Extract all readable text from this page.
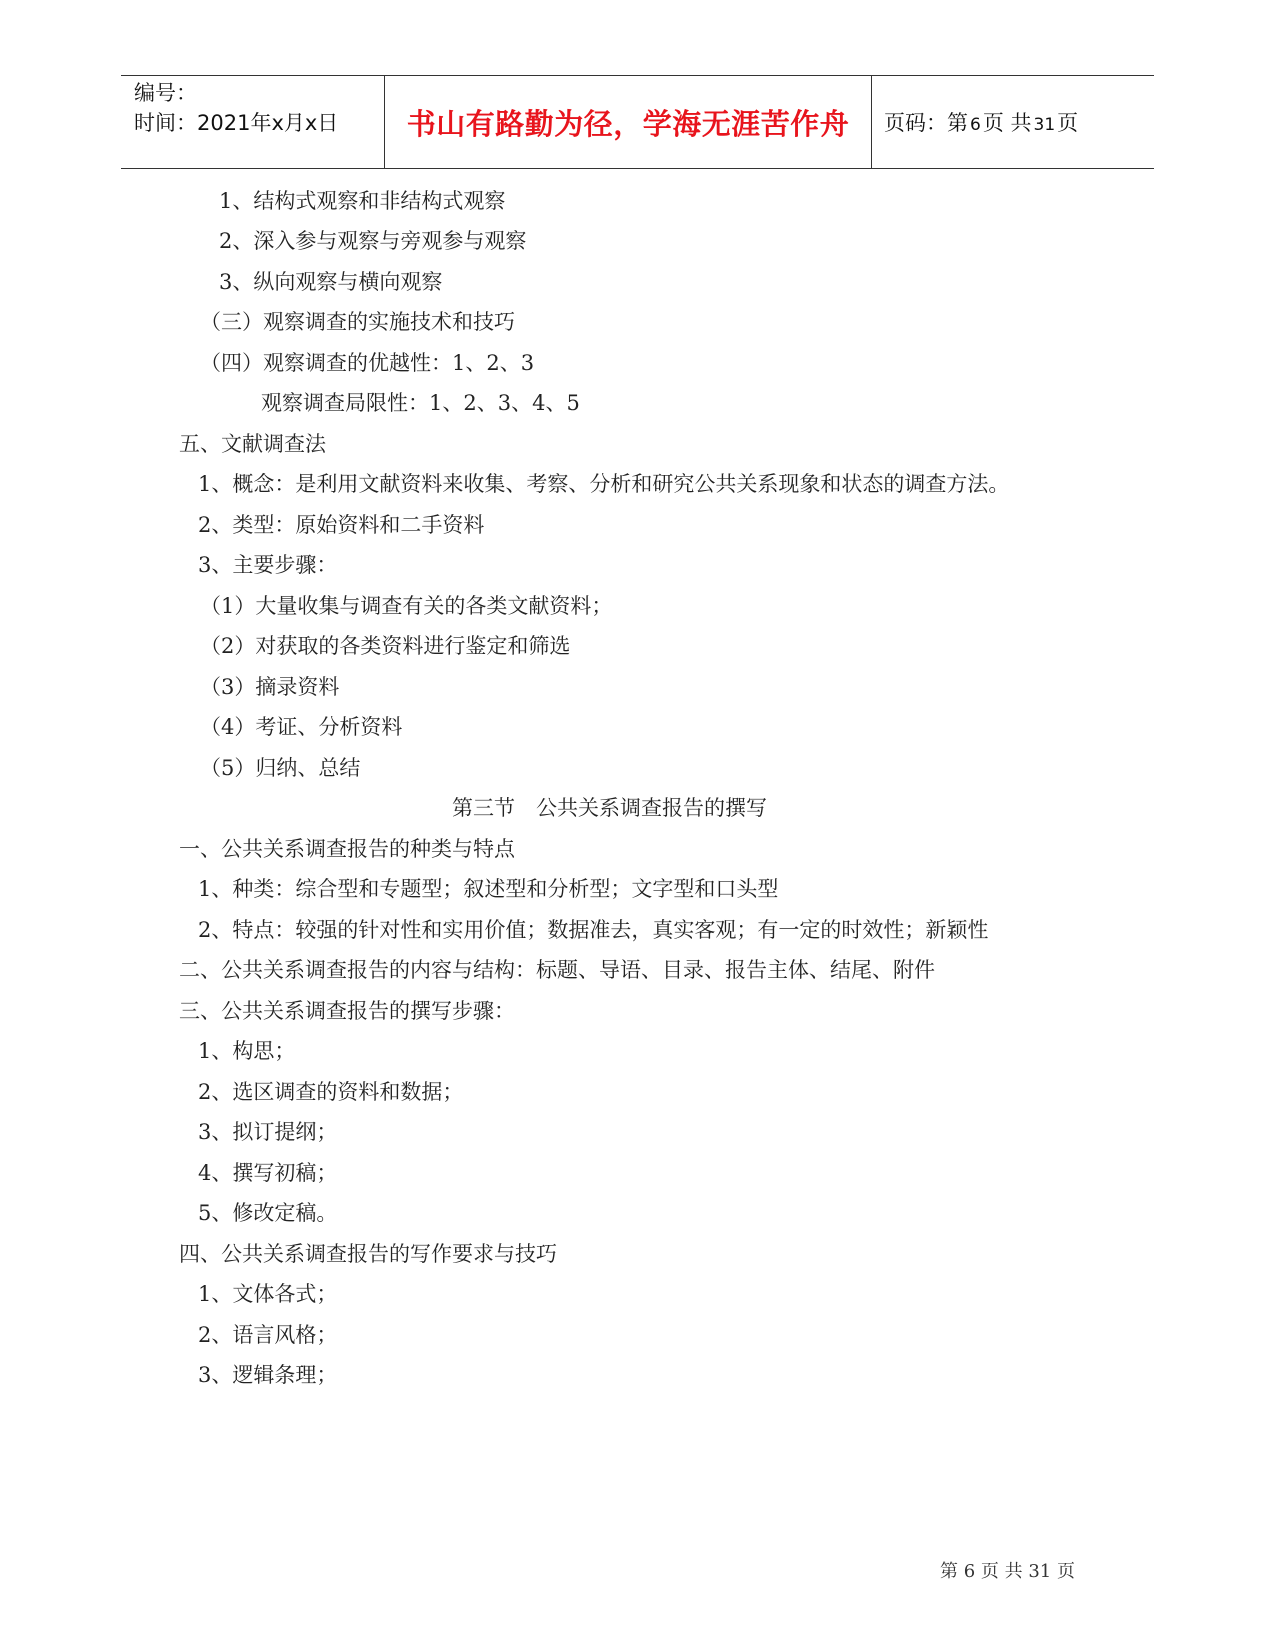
编号：
时间：2021年x月x日	书山有路勤为径，学海无涯苦作舟 页码：第 6页 共 31页
1、结构式观察和非结构式观察
2、深入参与观察与旁观参与观察
3、纵向观察与横向观察
（三）观察调查的实施技术和技巧
（四）观察调查的优越性：1、2、3
观察调查局限性：1、2、3、4、5
五、文献调查法
1、概念：是利用文献资料来收集、考察、分析和研究公共关系现象和状态的调查方法。
2、类型：原始资料和二手资料
3、主要步骤：
（1）大量收集与调查有关的各类文献资料；
（2）对获取的各类资料进行鉴定和筛选
（3）摘录资料
（4）考证、分析资料
（5）归纳、总结
第三节　公共关系调查报告的撰写
一、公共关系调查报告的种类与特点
1、种类：综合型和专题型；叙述型和分析型；文字型和口头型
2、特点：较强的针对性和实用价值；数据准去，真实客观；有一定的时效性；新颖性
二、公共关系调查报告的内容与结构：标题、导语、目录、报告主体、结尾、附件
三、公共关系调查报告的撰写步骤：
1、构思；
2、选区调查的资料和数据；
3、拟订提纲；
4、撰写初稿；
5、修改定稿。
四、公共关系调查报告的写作要求与技巧
1、文体各式；
2、语言风格；
3、逻辑条理；
第 6 页 共 31 页
